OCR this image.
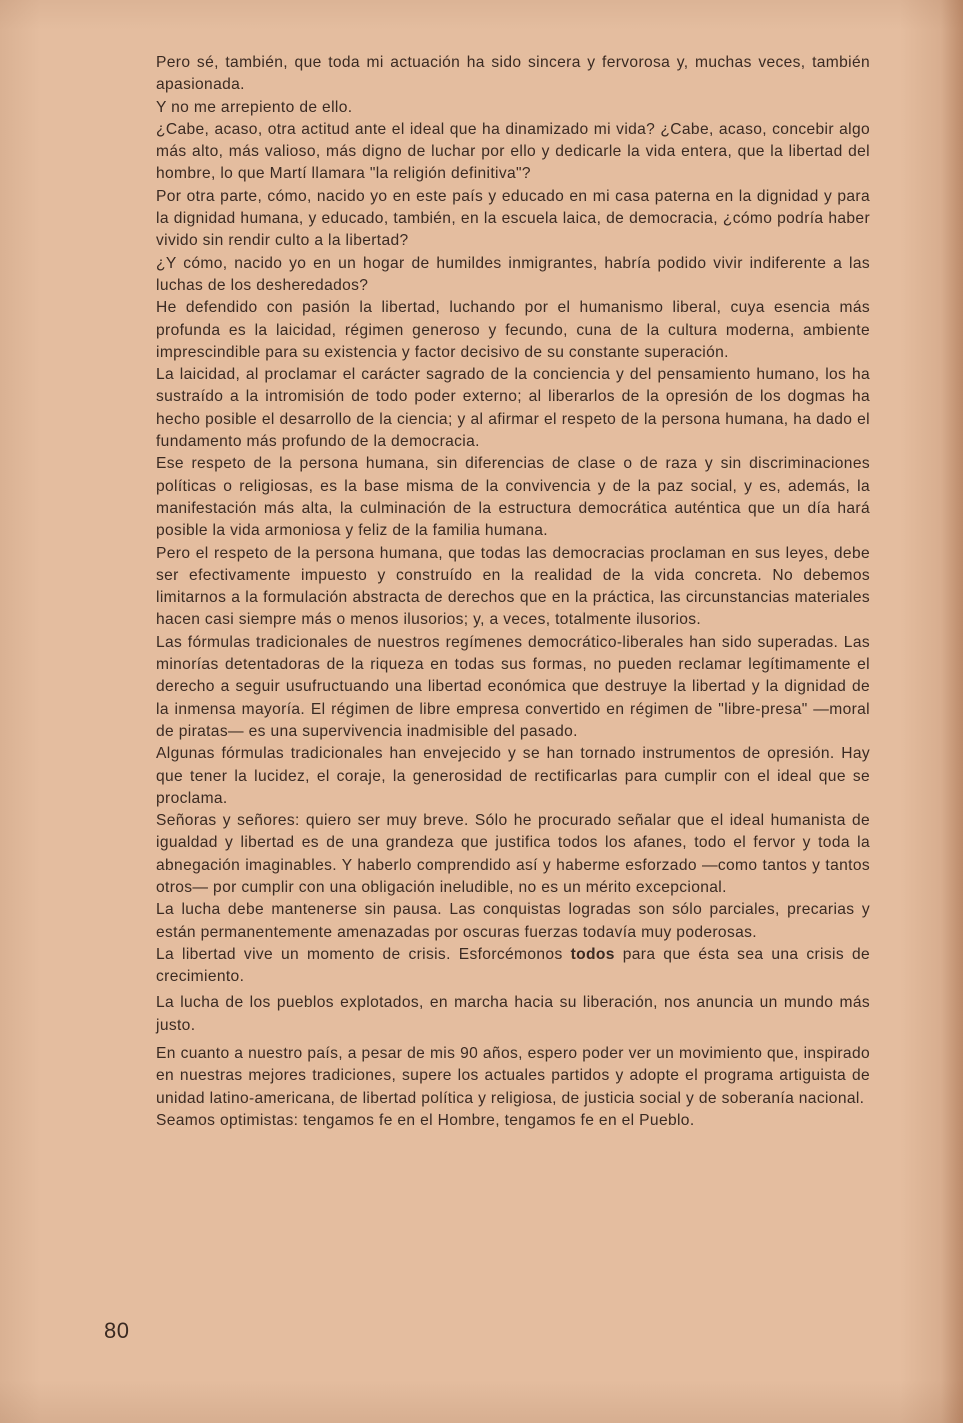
Pero sé, también, que toda mi actuación ha sido sincera y fervorosa y, muchas veces, también apasionada.

Y no me arrepiento de ello.

¿Cabe, acaso, otra actitud ante el ideal que ha dinamizado mi vida? ¿Cabe, acaso, concebir algo más alto, más valioso, más digno de luchar por ello y dedicarle la vida entera, que la libertad del hombre, lo que Martí llamara "la religión definitiva"?

Por otra parte, cómo, nacido yo en este país y educado en mi casa paterna en la dignidad y para la dignidad humana, y educado, también, en la escuela laica, de democracia, ¿cómo podría haber vivido sin rendir culto a la libertad?

¿Y cómo, nacido yo en un hogar de humildes inmigrantes, habría podido vivir indiferente a las luchas de los desheredados?

He defendido con pasión la libertad, luchando por el humanismo liberal, cuya esencia más profunda es la laicidad, régimen generoso y fecundo, cuna de la cultura moderna, ambiente imprescindible para su existencia y factor decisivo de su constante superación.

La laicidad, al proclamar el carácter sagrado de la conciencia y del pensamiento humano, los ha sustraído a la intromisión de todo poder externo; al liberarlos de la opresión de los dogmas ha hecho posible el desarrollo de la ciencia; y al afirmar el respeto de la persona humana, ha dado el fundamento más profundo de la democracia.

Ese respeto de la persona humana, sin diferencias de clase o de raza y sin discriminaciones políticas o religiosas, es la base misma de la convivencia y de la paz social, y es, además, la manifestación más alta, la culminación de la estructura democrática auténtica que un día hará posible la vida armoniosa y feliz de la familia humana.

Pero el respeto de la persona humana, que todas las democracias proclaman en sus leyes, debe ser efectivamente impuesto y construído en la realidad de la vida concreta. No debemos limitarnos a la formulación abstracta de derechos que en la práctica, las circunstancias materiales hacen casi siempre más o menos ilusorios; y, a veces, totalmente ilusorios.

Las fórmulas tradicionales de nuestros regímenes democrático-liberales han sido superadas. Las minorías detentadoras de la riqueza en todas sus formas, no pueden reclamar legítimamente el derecho a seguir usufructuando una libertad económica que destruye la libertad y la dignidad de la inmensa mayoría. El régimen de libre empresa convertido en régimen de "libre-presa" —moral de piratas— es una supervivencia inadmisible del pasado.

Algunas fórmulas tradicionales han envejecido y se han tornado instrumentos de opresión. Hay que tener la lucidez, el coraje, la generosidad de rectificarlas para cumplir con el ideal que se proclama.

Señoras y señores: quiero ser muy breve. Sólo he procurado señalar que el ideal humanista de igualdad y libertad es de una grandeza que justifica todos los afanes, todo el fervor y toda la abnegación imaginables. Y haberlo comprendido así y haberme esforzado —como tantos y tantos otros— por cumplir con una obligación ineludible, no es un mérito excepcional.

La lucha debe mantenerse sin pausa. Las conquistas logradas son sólo parciales, precarias y están permanentemente amenazadas por oscuras fuerzas todavía muy poderosas.

La libertad vive un momento de crisis. Esforcémonos todos para que ésta sea una crisis de crecimiento.

La lucha de los pueblos explotados, en marcha hacia su liberación, nos anuncia un mundo más justo.

En cuanto a nuestro país, a pesar de mis 90 años, espero poder ver un movimiento que, inspirado en nuestras mejores tradiciones, supere los actuales partidos y adopte el programa artiguista de unidad latino-americana, de libertad política y religiosa, de justicia social y de soberanía nacional.

Seamos optimistas: tengamos fe en el Hombre, tengamos fe en el Pueblo.

80
